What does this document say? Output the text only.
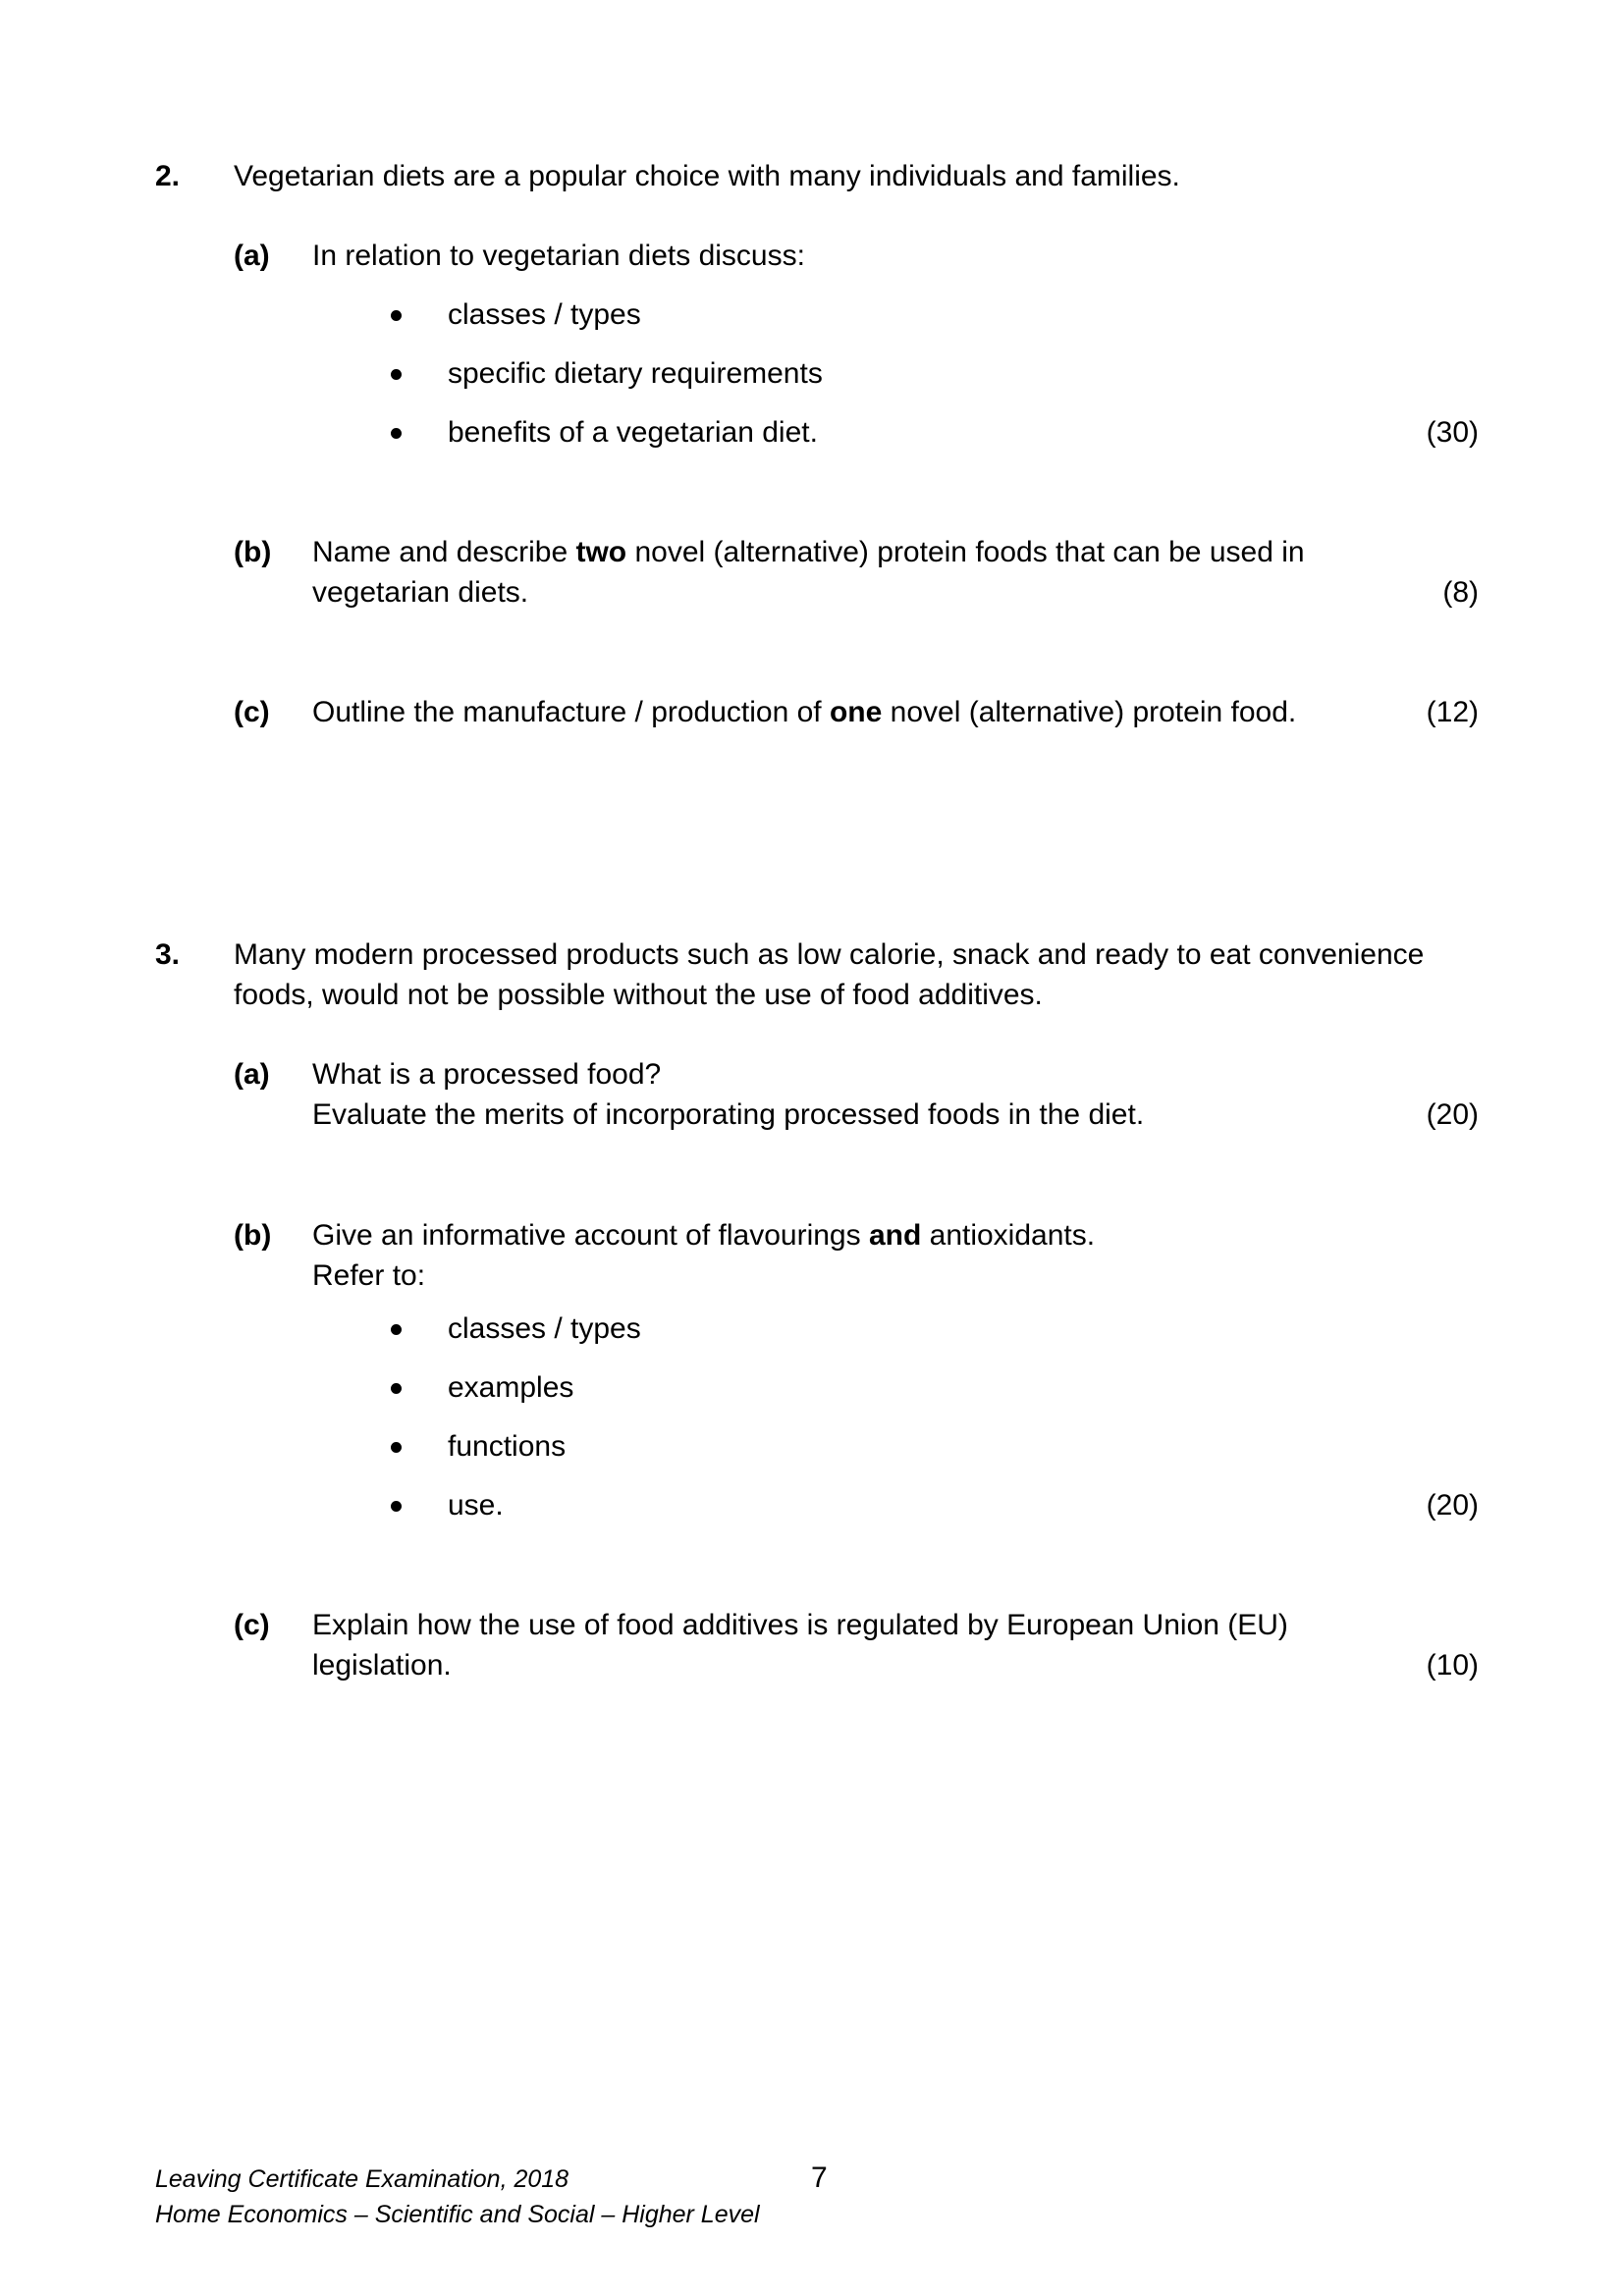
2. Vegetarian diets are a popular choice with many individuals and families.
(a) In relation to vegetarian diets discuss:
classes / types
specific dietary requirements
benefits of a vegetarian diet.	(30)
(b) Name and describe two novel (alternative) protein foods that can be used in
vegetarian diets.	(8)
(c) Outline the manufacture / production of one novel (alternative) protein food.	(12)
3. Many modern processed products such as low calorie, snack and ready to eat convenience
foods, would not be possible without the use of food additives.
(a) What is a processed food?
Evaluate the merits of incorporating processed foods in the diet.	(20)
(b) Give an informative account of flavourings and antioxidants.
Refer to:
classes / types
examples
functions
use.	(20)
(c) Explain how the use of food additives is regulated by European Union (EU)
legislation.	(10)
Leaving Certificate Examination, 2018
Home Economics – Scientific and Social – Higher Level
7
